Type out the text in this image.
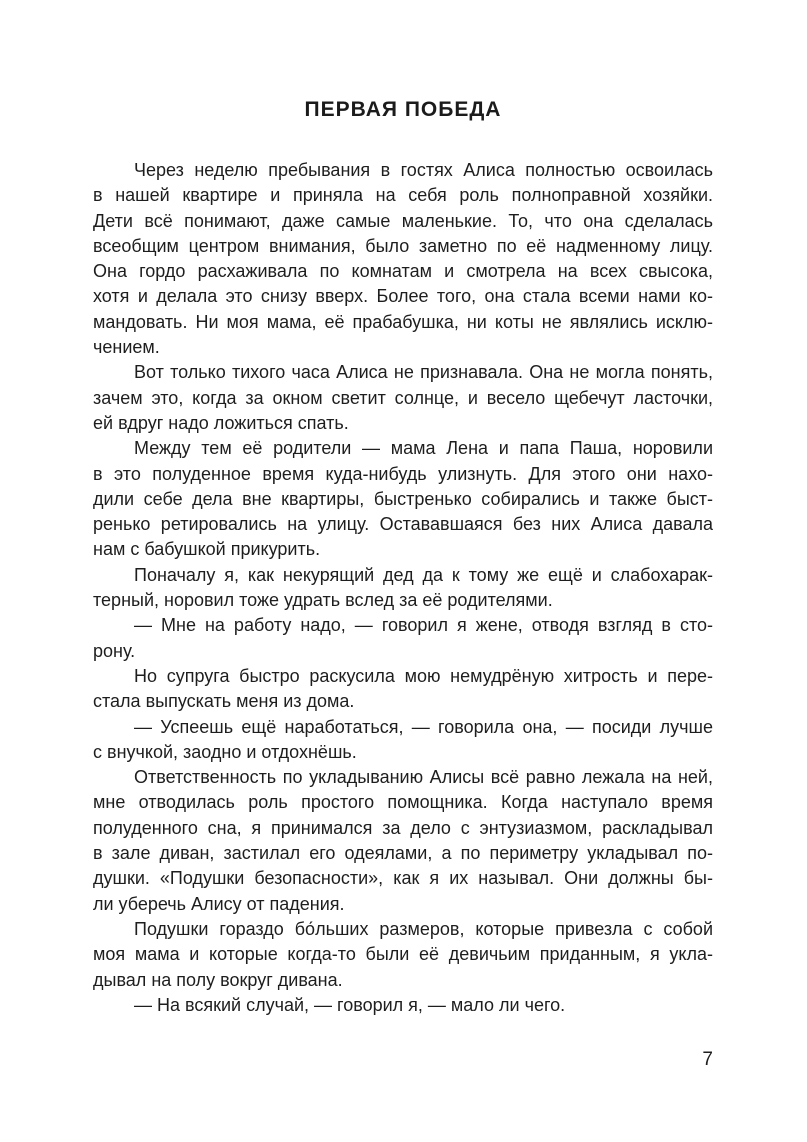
ПЕРВАЯ ПОБЕДА
Через неделю пребывания в гостях Алиса полностью освоилась
в нашей квартире и приняла на себя роль полноправной хозяйки.
Дети всё понимают, даже самые маленькие. То, что она сделалась
всеобщим центром внимания, было заметно по её надменному лицу.
Она гордо расхаживала по комнатам и смотрела на всех свысока,
хотя и делала это снизу вверх. Более того, она стала всеми нами ко-
мандовать. Ни моя мама, её прабабушка, ни коты не являлись исклю-
чением.
Вот только тихого часа Алиса не признавала. Она не могла понять,
зачем это, когда за окном светит солнце, и весело щебечут ласточки,
ей вдруг надо ложиться спать.
Между тем её родители — мама Лена и папа Паша, норовили
в это полуденное время куда-нибудь улизнуть. Для этого они нахо-
дили себе дела вне квартиры, быстренько собирались и также быст-
ренько ретировались на улицу. Остававшаяся без них Алиса давала
нам с бабушкой прикурить.
Поначалу я, как некурящий дед да к тому же ещё и слабохарак-
терный, норовил тоже удрать вслед за её родителями.
— Мне на работу надо, — говорил я жене, отводя взгляд в сто-
рону.
Но супруга быстро раскусила мою немудрёную хитрость и пере-
стала выпускать меня из дома.
— Успеешь ещё наработаться, — говорила она, — посиди лучше
с внучкой, заодно и отдохнёшь.
Ответственность по укладыванию Алисы всё равно лежала на ней,
мне отводилась роль простого помощника. Когда наступало время
полуденного сна, я принимался за дело с энтузиазмом, раскладывал
в зале диван, застилал его одеялами, а по периметру укладывал по-
душки. «Подушки безопасности», как я их называл. Они должны бы-
ли уберечь Алису от падения.
Подушки гораздо бо́льших размеров, которые привезла с собой
моя мама и которые когда-то были её девичьим приданным, я укла-
дывал на полу вокруг дивана.
— На всякий случай, — говорил я, — мало ли чего.
7
